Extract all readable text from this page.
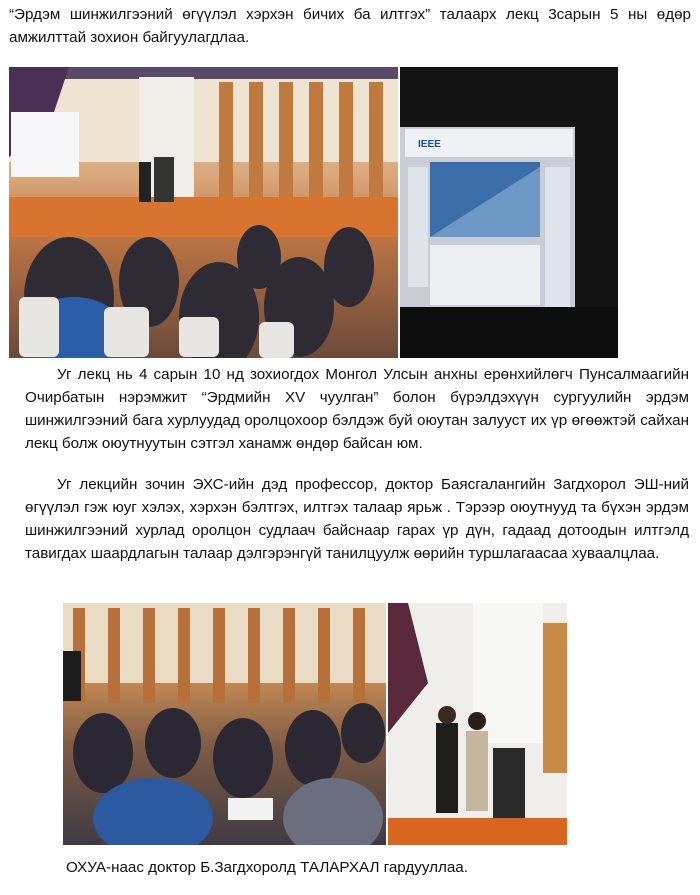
“Эрдэм шинжилгээний өгүүлэл хэрхэн бичих ба илтгэх” талаарх лекц 3сарын 5 ны өдөр амжилттай зохион байгуулагдлаа.

IEEE

Уг лекц нь 4 сарын 10 нд зохиогдох Монгол Улсын анхны ерөнхийлөгч Пунсалмаагийн Очирбатын нэрэмжит “Эрдмийн XV чуулган” болон бүрэлдэхүүн сургуулийн эрдэм шинжилгээний бага хурлуудад оролцохоор бэлдэж буй оюутан залууст их үр өгөөжтэй сайхан лекц болж оюутнуутын сэтгэл ханамж өндөр байсан юм.

Уг лекцийн зочин ЭХС-ийн дэд профессор, доктор Баясгалангийн Загдхорол ЭШ-ний өгүүлэл гэж юуг хэлэх, хэрхэн бэлтгэх, илтгэх талаар ярьж . Тэрээр оюутнууд та бүхэн эрдэм шинжилгээний хурлад оролцон судлаач байснаар гарах үр дүн, гадаад дотоодын илтгэлд тавигдах шаардлагын талаар дэлгэрэнгүй танилцуулж өөрийн туршлагаасаа хуваалцлаа.

ОХУА-наас доктор Б.Загдхоролд ТАЛАРХАЛ гардууллаа.
